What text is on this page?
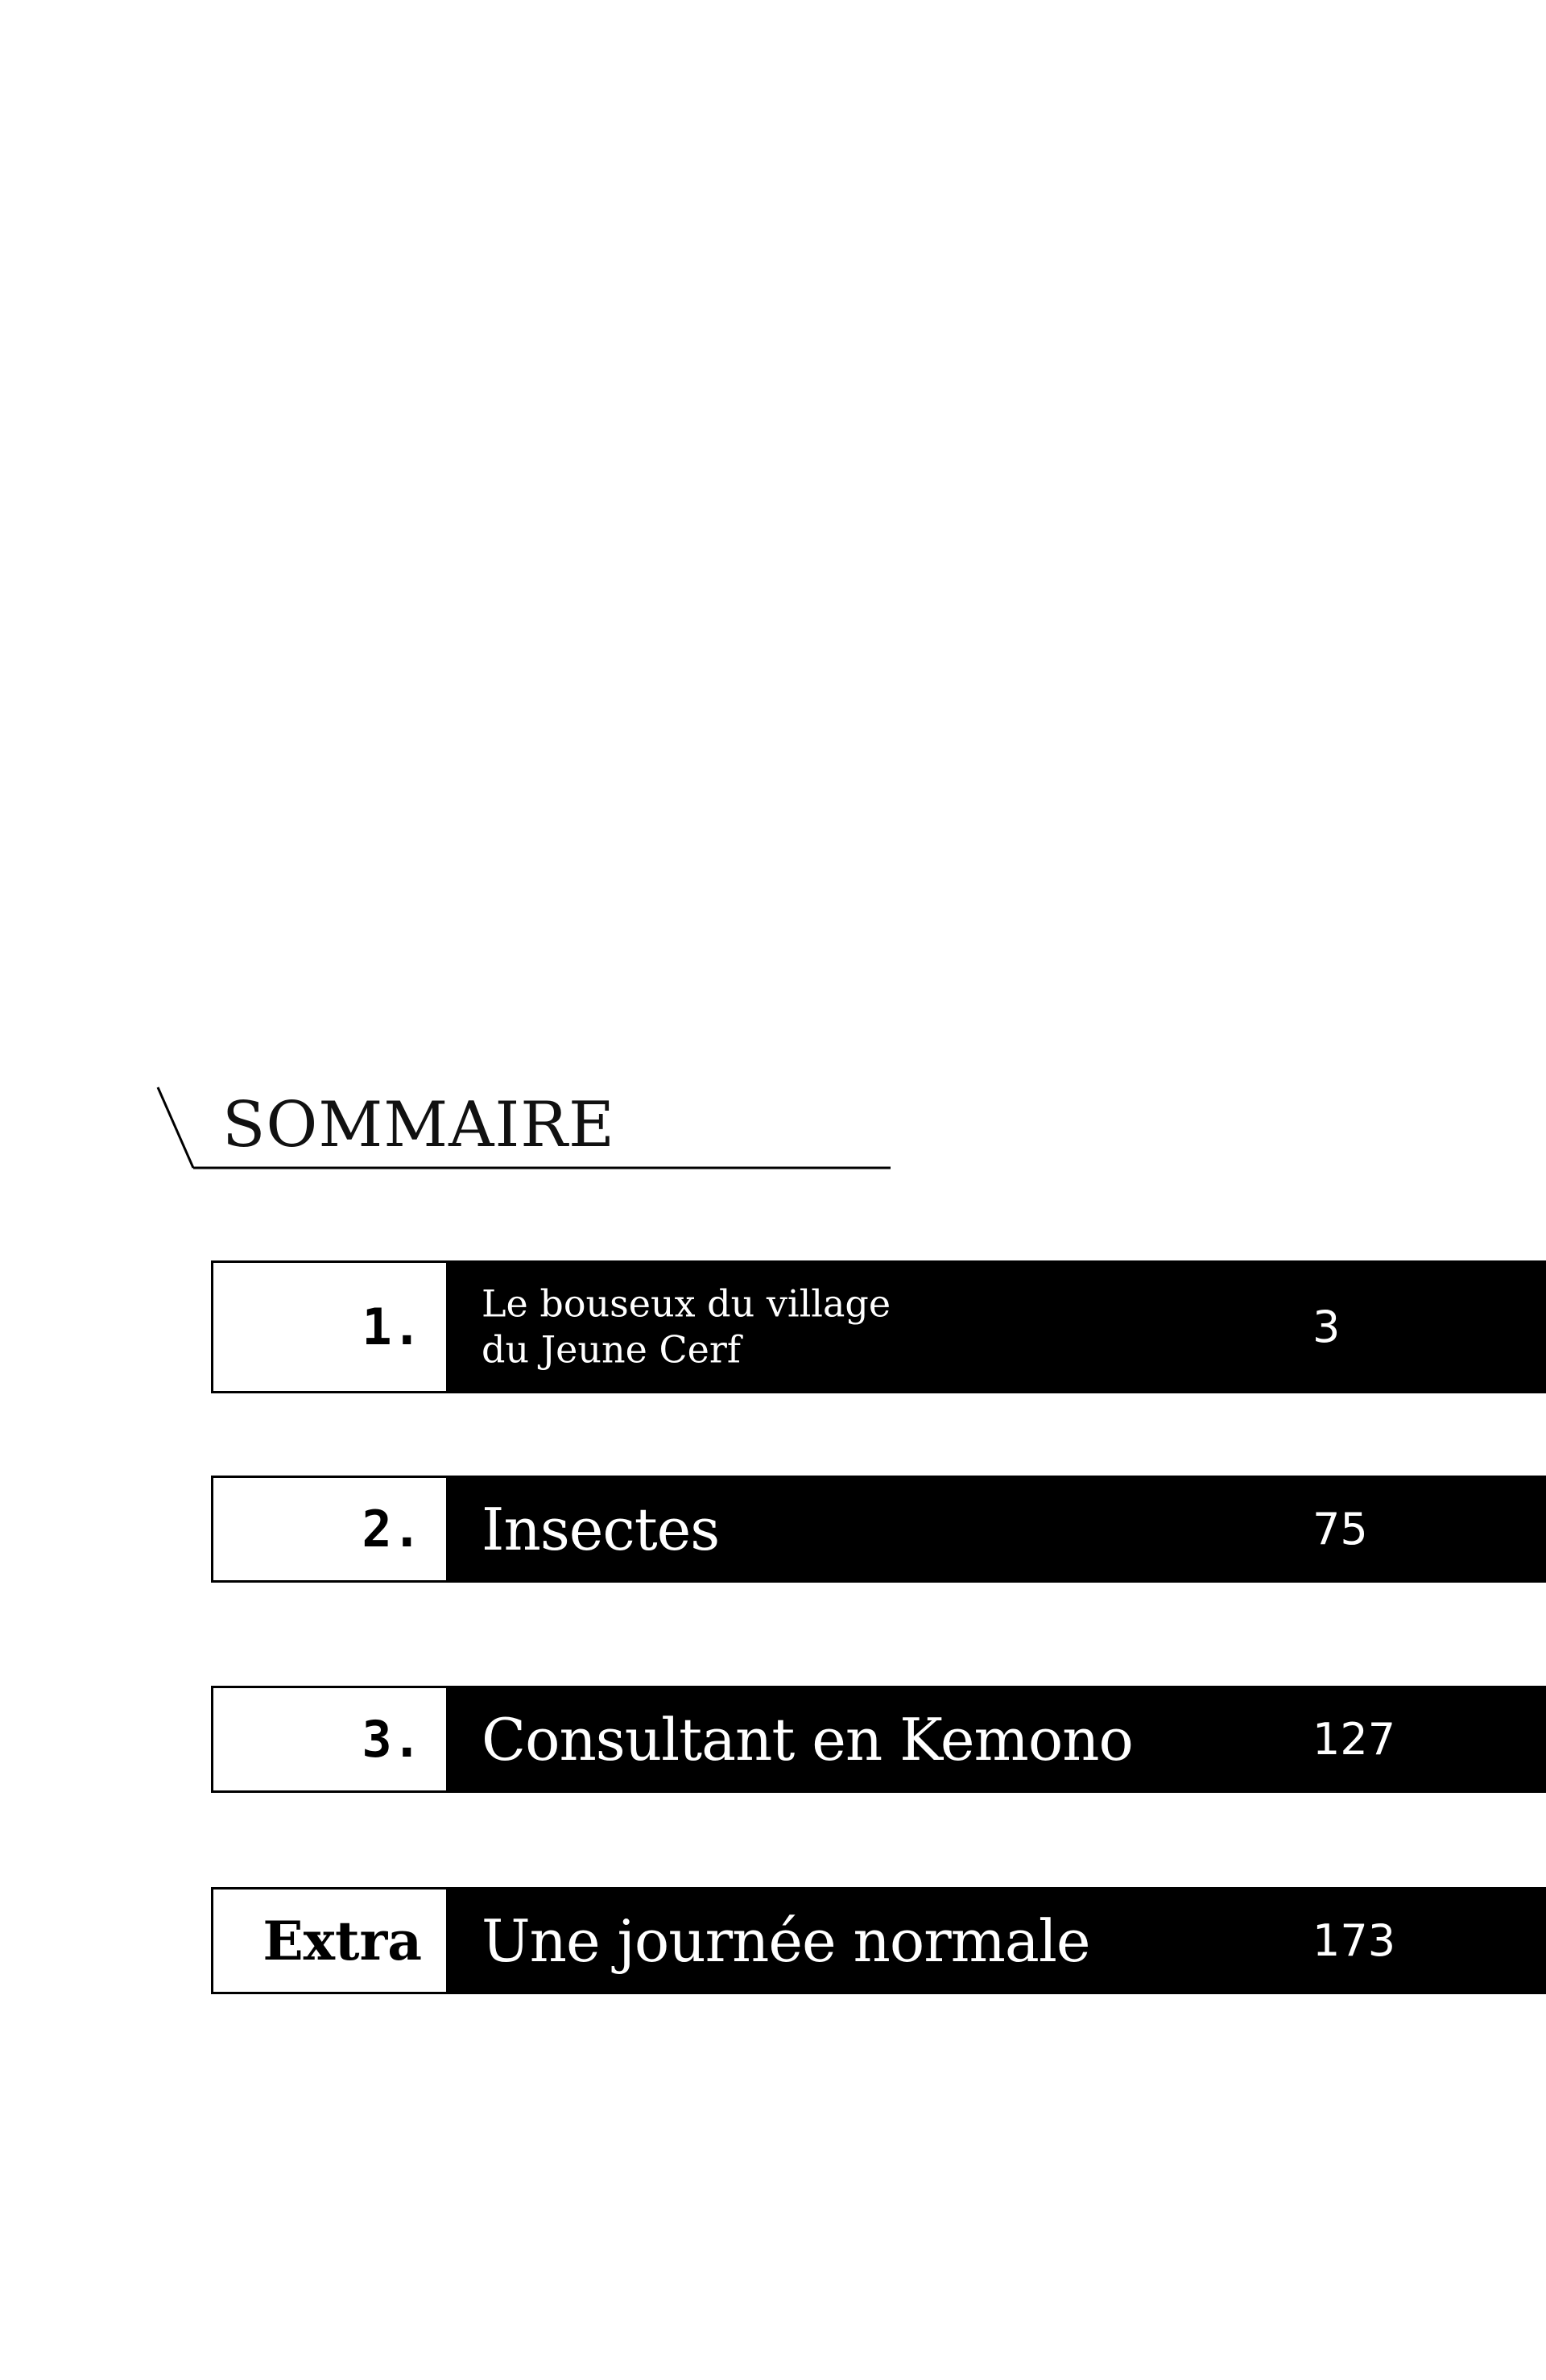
SOMMAIRE
1. Le bouseux du village
du Jeune Cerf	3
2. Insectes	75
3. Consultant en Kemono	127
Extra Une journée normale	173
